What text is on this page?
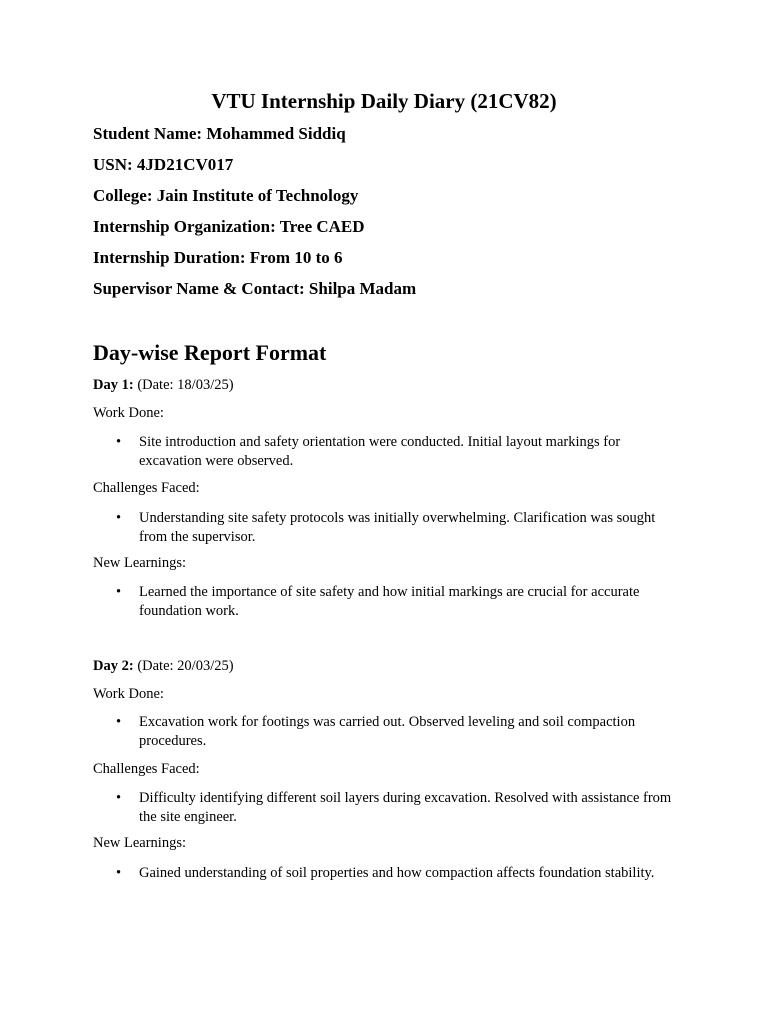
VTU Internship Daily Diary (21CV82)

Student Name: Mohammed Siddiq

USN: 4JD21CV017

College: Jain Institute of Technology

Internship Organization: Tree CAED

Internship Duration: From 10 to 6

Supervisor Name & Contact: Shilpa Madam

Day-wise Report Format

Day 1: (Date: 18/03/25)

Work Done:

• Site introduction and safety orientation were conducted. Initial layout markings for excavation were observed.

Challenges Faced:

• Understanding site safety protocols was initially overwhelming. Clarification was sought from the supervisor.

New Learnings:

• Learned the importance of site safety and how initial markings are crucial for accurate foundation work.

Day 2: (Date: 20/03/25)

Work Done:

• Excavation work for footings was carried out. Observed leveling and soil compaction procedures.

Challenges Faced:

• Difficulty identifying different soil layers during excavation. Resolved with assistance from the site engineer.

New Learnings:

• Gained understanding of soil properties and how compaction affects foundation stability.
